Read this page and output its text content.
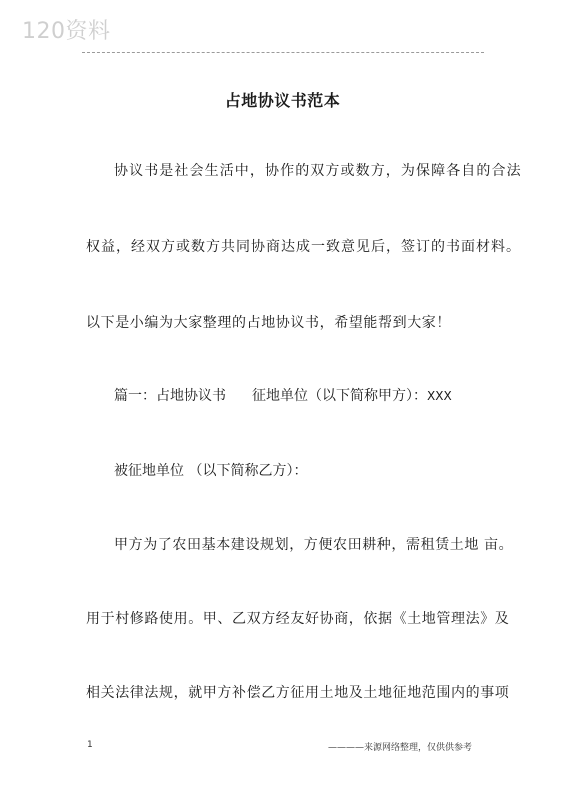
120资料
占地协议书范本
协议书是社会生活中，协作的双方或数方，为保障各自的合法
权益，经双方或数方共同协商达成一致意见后，签订的书面材料。
以下是小编为大家整理的占地协议书，希望能帮到大家！
篇一：占地协议书 征地单位（以下简称甲方）：XXX
被征地单位 （以下简称乙方）：
甲方为了农田基本建设规划，方便农田耕种，需租赁土地 亩。
用于村修路使用。甲、乙双方经友好协商，依据《土地管理法》及
相关法律法规，就甲方补偿乙方征用土地及土地征地范围内的事项
1	————来源网络整理，仅供供参考
